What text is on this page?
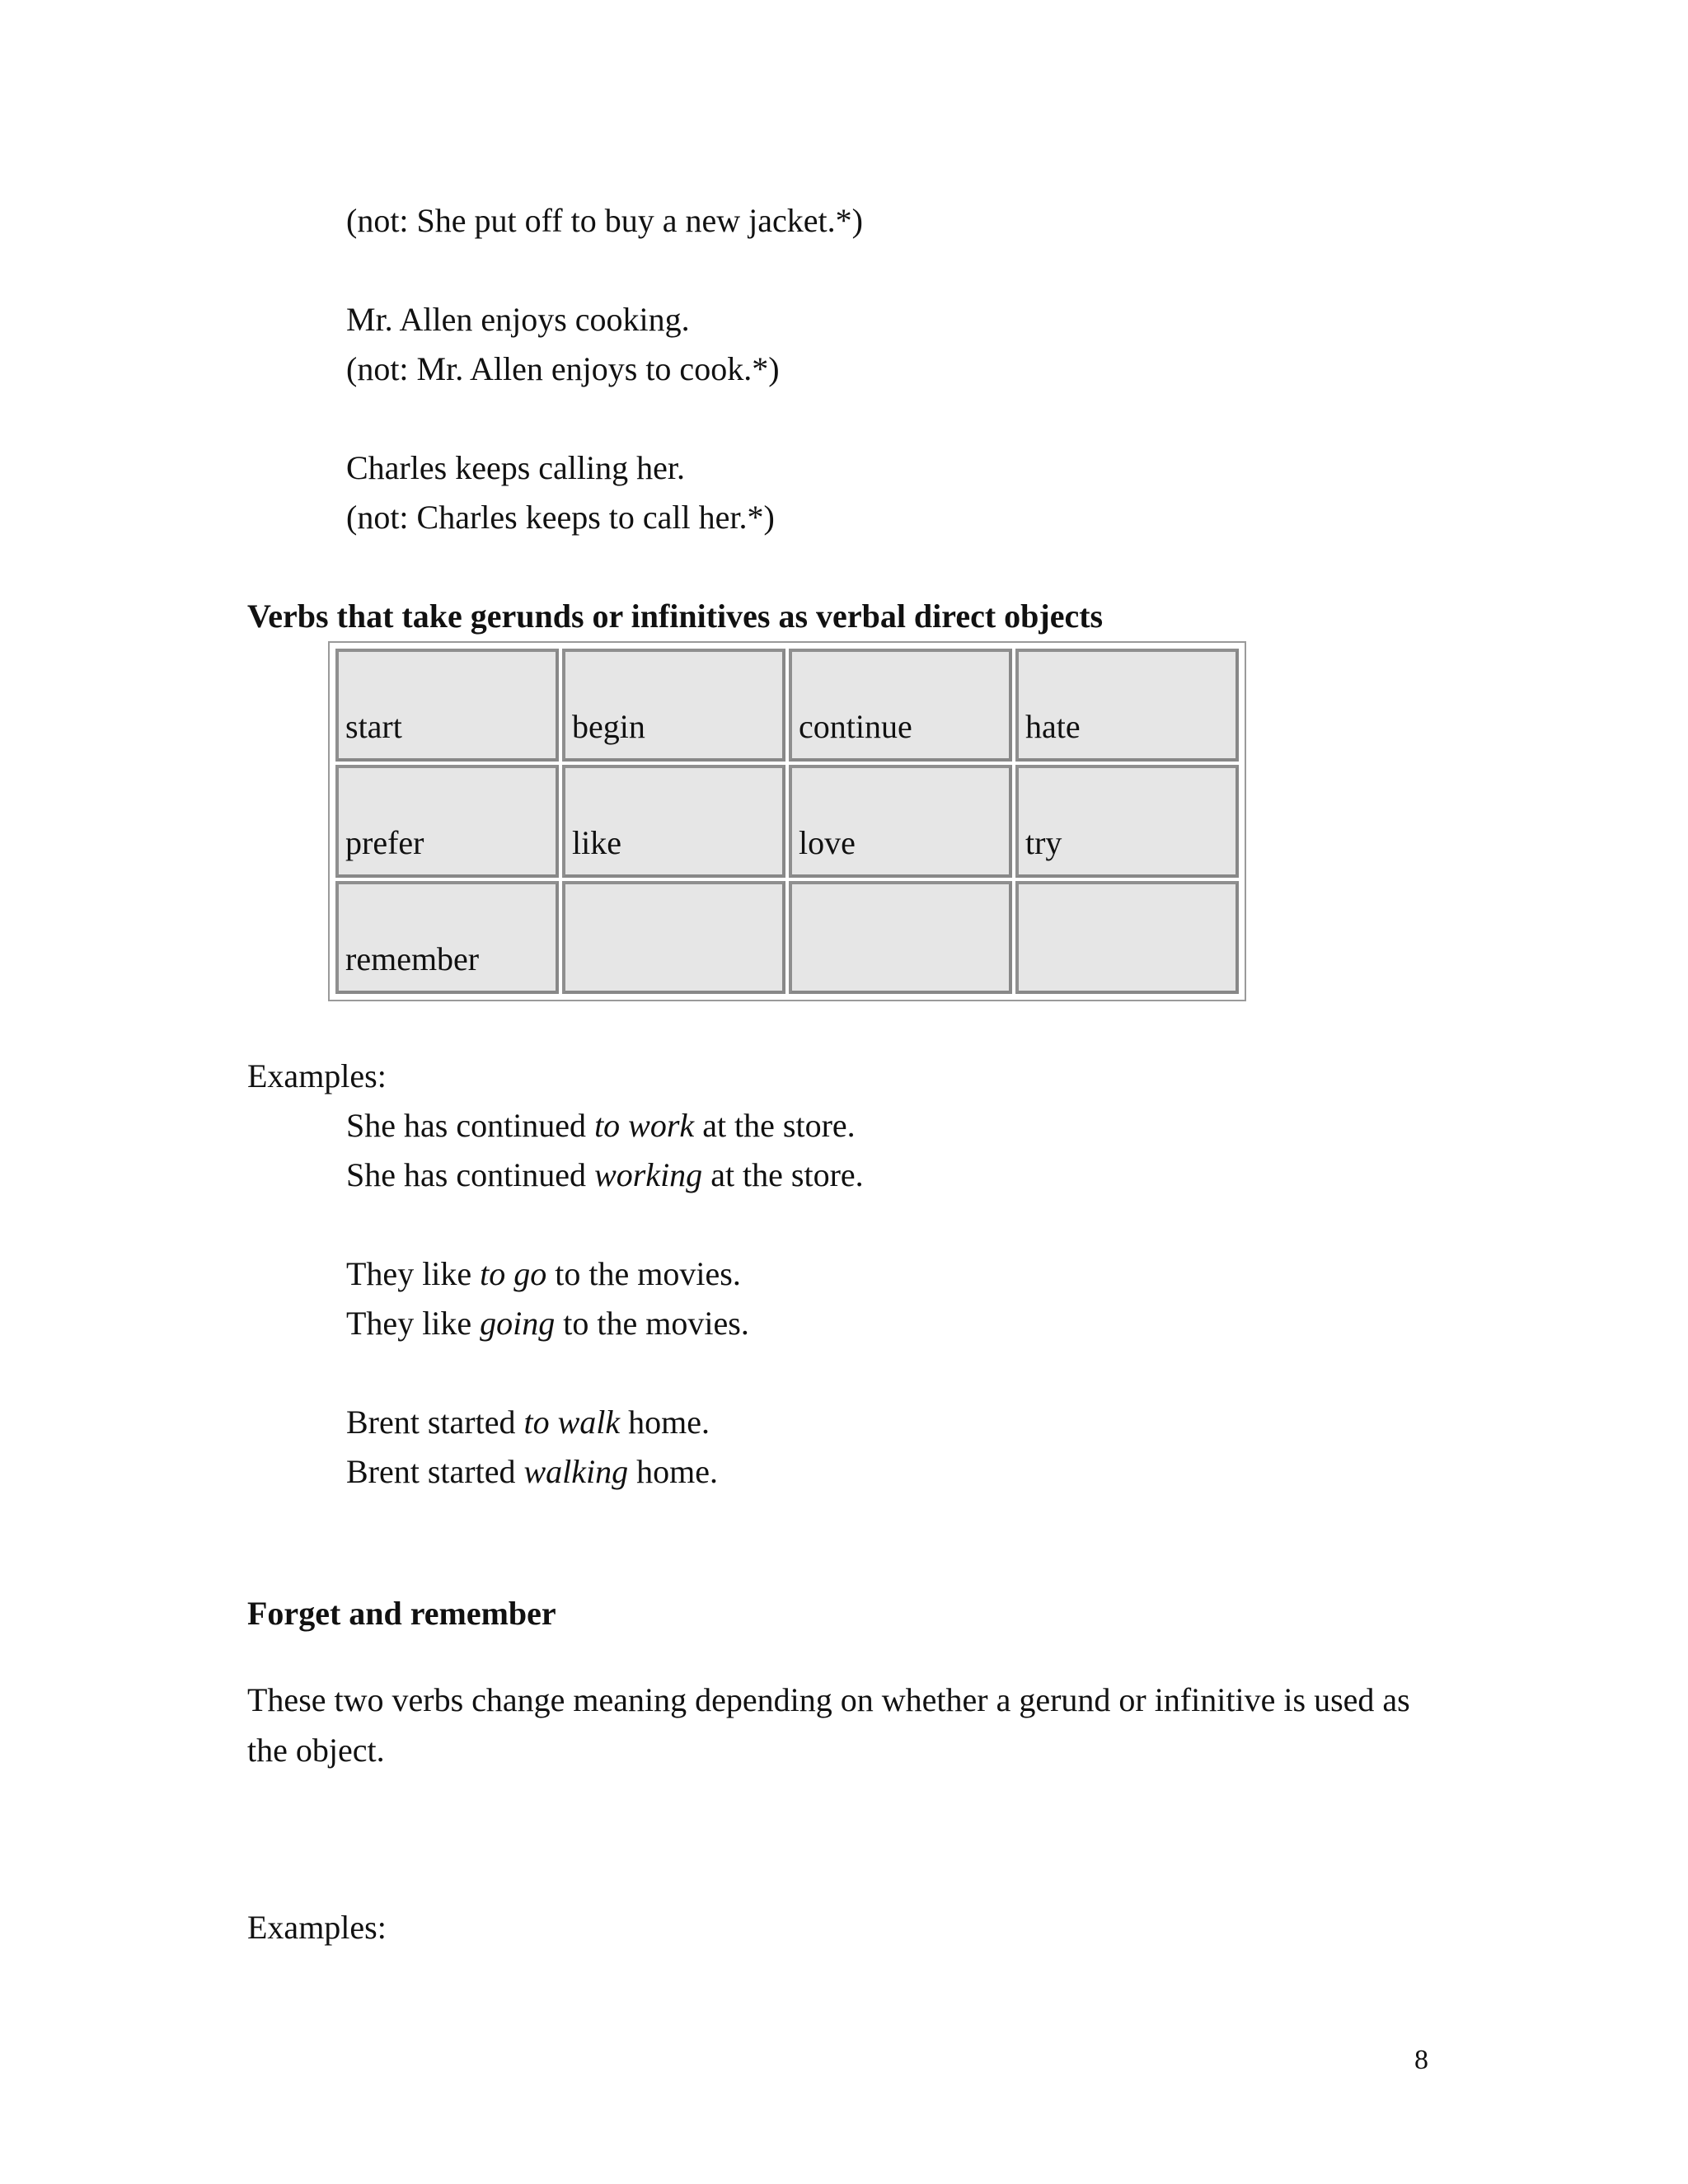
(not: She put off to buy a new jacket.*)
Mr. Allen enjoys cooking.
(not: Mr. Allen enjoys to cook.*)
Charles keeps calling her.
(not: Charles keeps to call her.*)
Verbs that take gerunds or infinitives as verbal direct objects
start	begin	continue	hate
prefer	like	love	try
remember			
Examples:
She has continued to work at the store.
She has continued working at the store.
They like to go to the movies.
They like going to the movies.
Brent started to walk home.
Brent started walking home.
Forget and remember
These two verbs change meaning depending on whether a gerund or infinitive is used as the object.
Examples:
8
